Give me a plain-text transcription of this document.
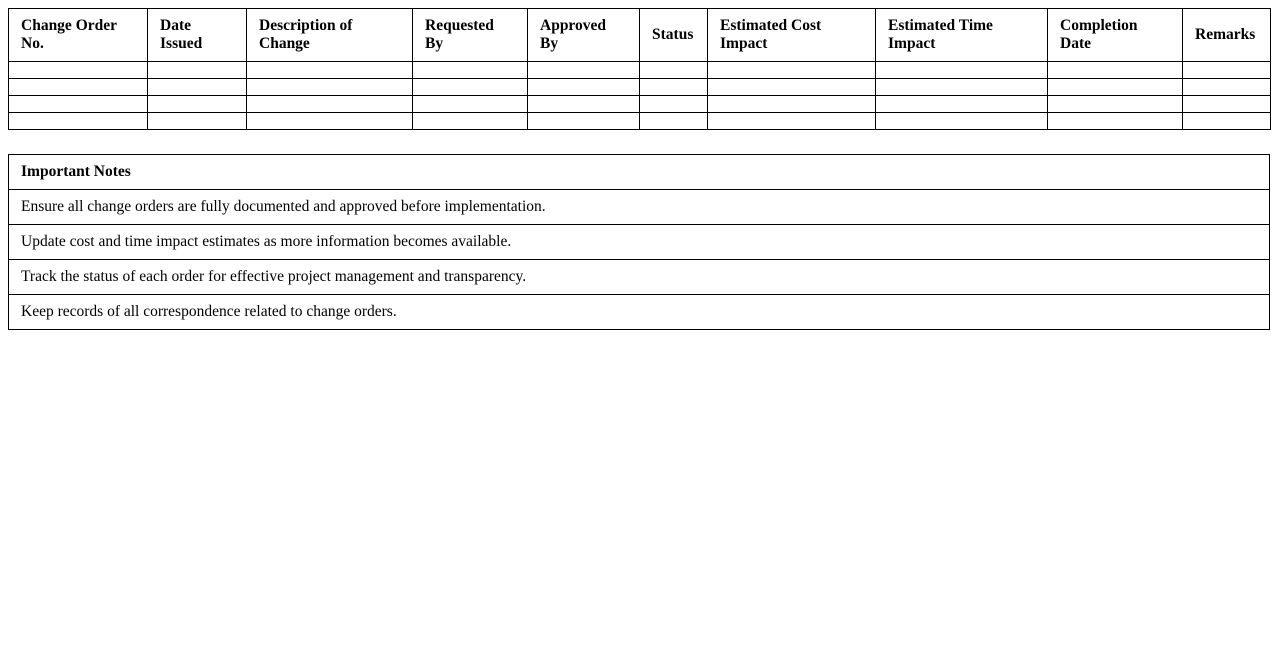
Change Order No.	Date Issued	Description of Change	Requested By	Approved By	Status	Estimated Cost Impact	Estimated Time Impact	Completion Date	Remarks

Important Notes
Ensure all change orders are fully documented and approved before implementation.
Update cost and time impact estimates as more information becomes available.
Track the status of each order for effective project management and transparency.
Keep records of all correspondence related to change orders.
